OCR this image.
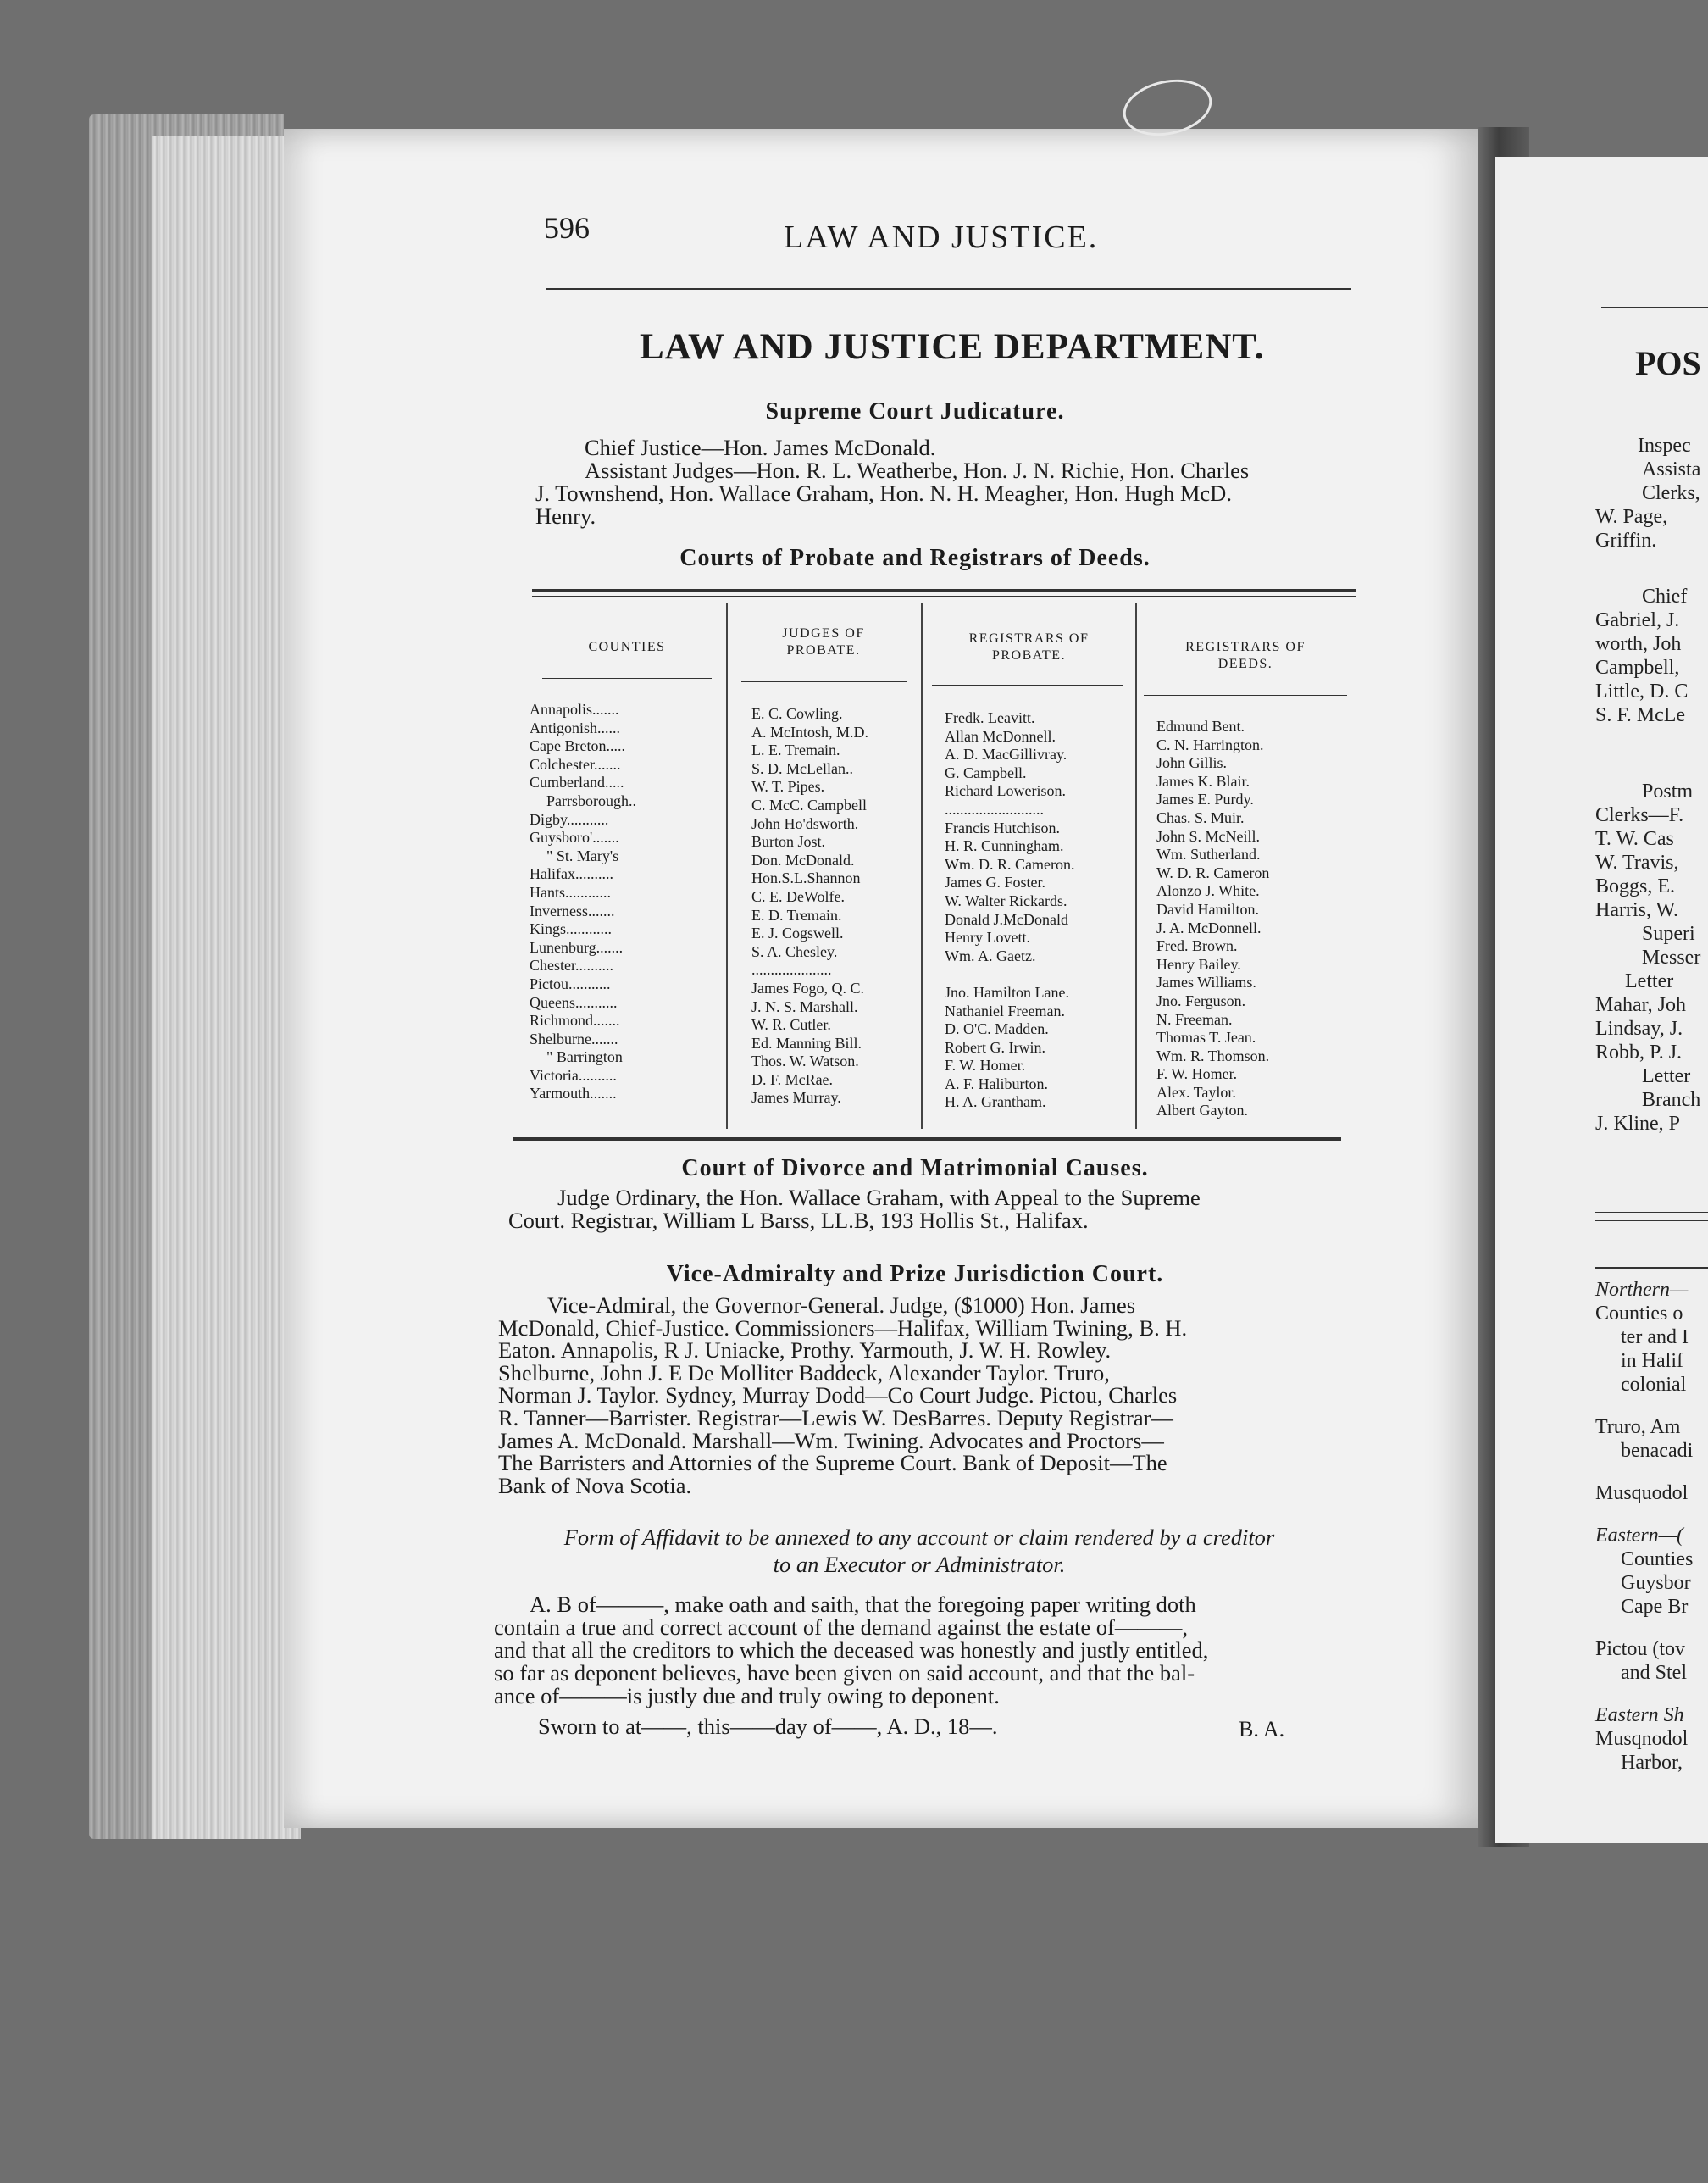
596	LAW AND JUSTICE.
LAW AND JUSTICE DEPARTMENT.
Supreme Court Judicature.
Chief Justice—Hon. James McDonald.
Assistant Judges—Hon. R. L. Weatherbe, Hon. J. N. Richie, Hon. Charles
J. Townshend, Hon. Wallace Graham, Hon. N. H. Meagher, Hon. Hugh McD.
Henry.
Courts of Probate and Registrars of Deeds.
COUNTIES
JUDGES OF PROBATE.
REGISTRARS OF PROBATE.
REGISTRARS OF DEEDS.
Annapolis.......
Antigonish......
Cape Breton.....
Colchester.......
Cumberland.....
Parrsborough..
Digby...........
Guysboro'.......
" St. Mary's
Halifax..........
Hants............
Inverness.......
Kings............
Lunenburg.......
Chester..........
Pictou...........
Queens...........
Richmond.......
Shelburne.......
" Barrington
Victoria..........
Yarmouth.......
E. C. Cowling.
A. McIntosh, M.D.
L. E. Tremain.
S. D. McLellan..
W. T. Pipes.
C. McC. Campbell
John Ho'dsworth.
Burton Jost.
Don. McDonald.
Hon.S.L.Shannon
C. E. DeWolfe.
E. D. Tremain.
E. J. Cogswell.
S. A. Chesley.
.....................
James Fogo, Q. C.
J. N. S. Marshall.
W. R. Cutler.
Ed. Manning Bill.
Thos. W. Watson.
D. F. McRae.
James Murray.
Fredk. Leavitt.
Allan McDonnell.
A. D. MacGillivray.
G. Campbell.
Richard Lowerison.
..........................
Francis Hutchison.
H. R. Cunningham.
Wm. D. R. Cameron.
James G. Foster.
W. Walter Rickards.
Donald J.McDonald
Henry Lovett.
Wm. A. Gaetz.

Jno. Hamilton Lane.
Nathaniel Freeman.
D. O'C. Madden.
Robert G. Irwin.
F. W. Homer.
A. F. Haliburton.
H. A. Grantham.
Edmund Bent.
C. N. Harrington.
John Gillis.
James K. Blair.
James E. Purdy.
Chas. S. Muir.
John S. McNeill.
Wm. Sutherland.
W. D. R. Cameron
Alonzo J. White.
David Hamilton.
J. A. McDonnell.
Fred. Brown.
Henry Bailey.
James Williams.
Jno. Ferguson.
N. Freeman.
Thomas T. Jean.
Wm. R. Thomson.
F. W. Homer.
Alex. Taylor.
Albert Gayton.
Court of Divorce and Matrimonial Causes.
Judge Ordinary, the Hon. Wallace Graham, with Appeal to the Supreme
Court. Registrar, William L Barss, LL.B, 193 Hollis St., Halifax.
Vice-Admiralty and Prize Jurisdiction Court.
Vice-Admiral, the Governor-General. Judge, ($1000) Hon. James
McDonald, Chief-Justice. Commissioners—Halifax, William Twining, B. H.
Eaton. Annapolis, R J. Uniacke, Prothy. Yarmouth, J. W. H. Rowley.
Shelburne, John J. E De Molliter Baddeck, Alexander Taylor. Truro,
Norman J. Taylor. Sydney, Murray Dodd—Co Court Judge. Pictou, Charles
R. Tanner—Barrister. Registrar—Lewis W. DesBarres. Deputy Registrar—
James A. McDonald. Marshall—Wm. Twining. Advocates and Proctors—
The Barristers and Attornies of the Supreme Court. Bank of Deposit—The
Bank of Nova Scotia.
Form of Affidavit to be annexed to any account or claim rendered by a creditor
to an Executor or Administrator.
A. B of———, make oath and saith, that the foregoing paper writing doth
contain a true and correct account of the demand against the estate of———,
and that all the creditors to which the deceased was honestly and justly entitled,
so far as deponent believes, have been given on said account, and that the bal-
ance of———is justly due and truly owing to deponent.
Sworn to at——, this——day of——, A. D., 18—.	B. A.
POS
Inspec
Assista
Clerks,
W. Page,
Griffin.
Chief
Gabriel, J.
worth, Joh
Campbell,
Little, D. C
S. F. McLe
Postm
Clerks—F.
T. W. Cas
W. Travis,
Boggs, E.
Harris, W.
Superi
Messer
Letter
Mahar, Joh
Lindsay, J.
Robb, P. J.
Letter
Branch
J. Kline, P
Northern—
Counties o
ter and I
in Halif
colonial
Truro, Am
benacadi
Musquodol
Eastern—(
Counties
Guysbor
Cape Br
Pictou (tov
and Stel
Eastern Sh
Musqnodol
Harbor,
